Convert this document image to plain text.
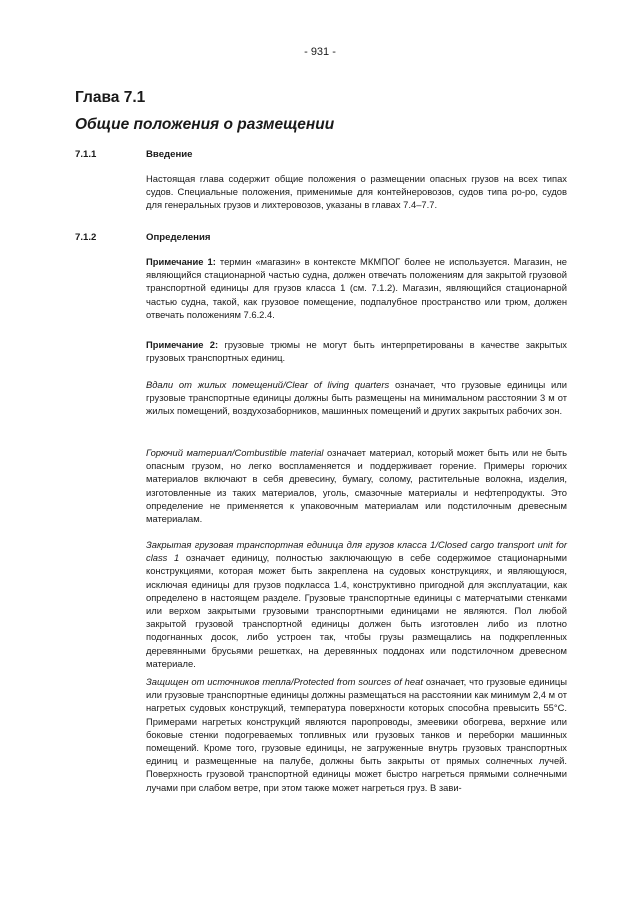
- 931 -
Глава 7.1
Общие положения о размещении
7.1.1	Введение

Настоящая глава содержит общие положения о размещении опасных грузов на всех типах судов. Специальные положения, применимые для контейнеровозов, судов типа ро-ро, судов для генеральных грузов и лихтеровозов, указаны в главах 7.4–7.7.

7.1.2	Определения

Примечание 1: термин «магазин» в контексте МКМПОГ более не используется. Магазин, не являющийся стационарной частью судна, должен отвечать положениям для закрытой грузовой транспортной единицы для грузов класса 1 (см. 7.1.2). Магазин, являющийся стационарной частью судна, такой, как грузовое помещение, подпалубное пространство или трюм, должен отвечать положениям 7.6.2.4.

Примечание 2: грузовые трюмы не могут быть интерпретированы в качестве закрытых грузовых транспортных единиц.

Вдали от жилых помещений/Clear of living quarters означает, что грузовые единицы или грузовые транспортные единицы должны быть размещены на минимальном расстоянии 3 м от жилых помещений, воздухозаборников, машинных помещений и других закрытых рабочих зон.

Горючий материал/Combustible material означает материал, который может быть или не быть опасным грузом, но легко воспламеняется и поддерживает горение. Примеры горючих материалов включают в себя древесину, бумагу, солому, растительные волокна, изделия, изготовленные из таких материалов, уголь, смазочные материалы и нефтепродукты. Это определение не применяется к упаковочным материалам или подстилочным древесным материалам.

Закрытая грузовая транспортная единица для грузов класса 1/Closed cargo transport unit for class 1 означает единицу, полностью заключающую в себе содержимое стационарными конструкциями, которая может быть закреплена на судовых конструкциях, и являющуюся, исключая единицы для грузов подкласса 1.4, конструктивно пригодной для эксплуатации, как определено в настоящем разделе. Грузовые транспортные единицы с матерчатыми стенками или верхом закрытыми грузовыми транспортными единицами не являются. Пол любой закрытой грузовой транспортной единицы должен быть изготовлен либо из плотно подогнанных досок, либо устроен так, чтобы грузы размещались на подкрепленных деревянными брусьями решетках, на деревянных поддонах или подстилочном древесном материале.

Защищен от источников тепла/Protected from sources of heat означает, что грузовые единицы или грузовые транспортные единицы должны размещаться на расстоянии как минимум 2,4 м от нагретых судовых конструкций, температура поверхности которых способна превысить 55°C. Примерами нагретых конструкций являются паропроводы, змеевики обогрева, верхние или боковые стенки подогреваемых топливных или грузовых танков и переборки машинных помещений. Кроме того, грузовые единицы, не загруженные внутрь грузовых транспортных единиц и размещенные на палубе, должны быть закрыты от прямых солнечных лучей. Поверхность грузовой транспортной единицы может быстро нагреться прямыми солнечными лучами при слабом ветре, при этом также может нагреться груз. В зави-
